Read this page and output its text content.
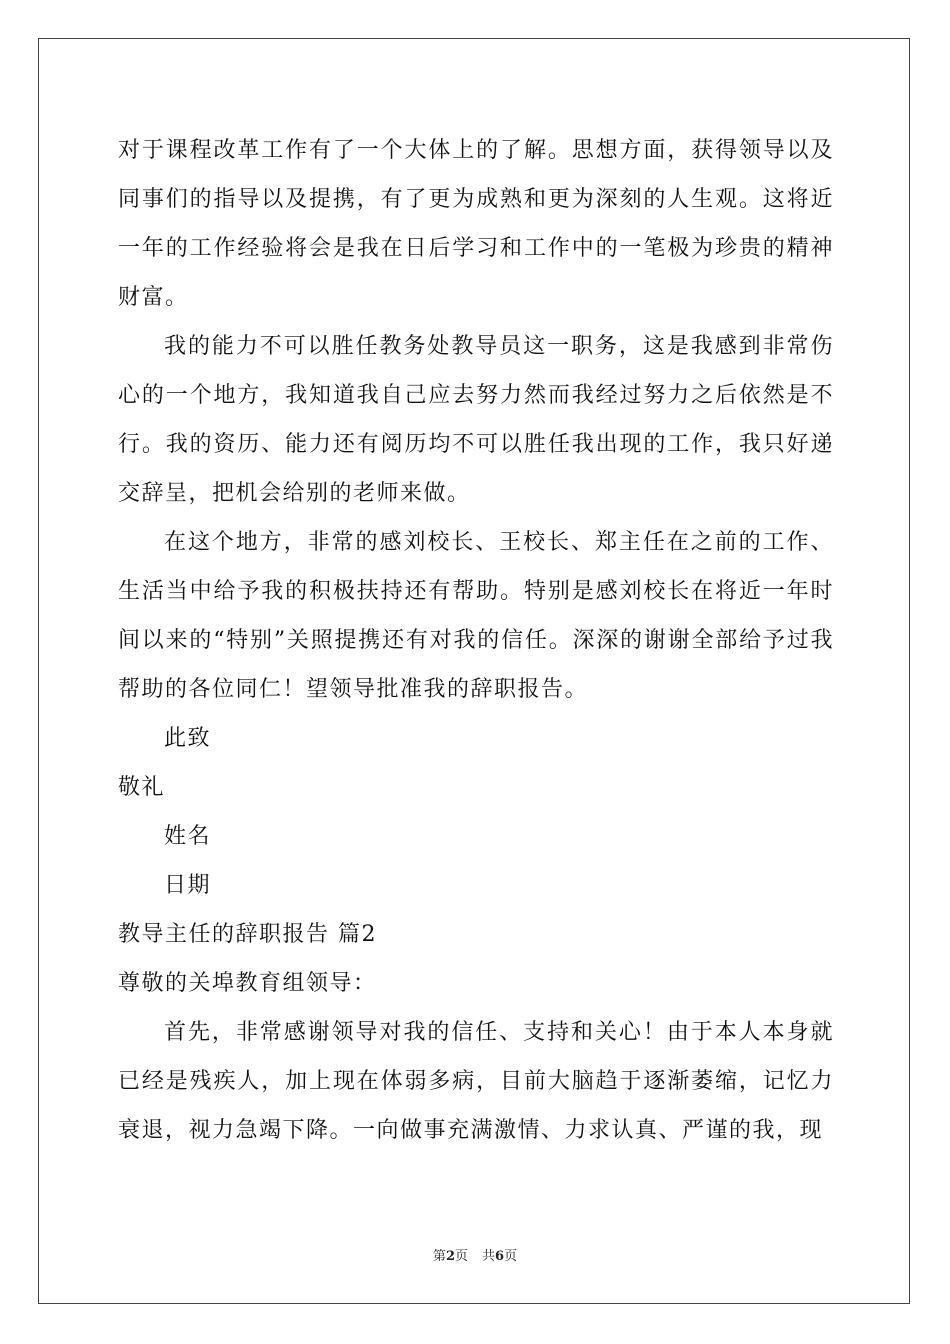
对于课程改革工作有了一个大体上的了解。思想方面，获得领导以及同事们的指导以及提携，有了更为成熟和更为深刻的人生观。这将近一年的工作经验将会是我在日后学习和工作中的一笔极为珍贵的精神财富。

我的能力不可以胜任教务处教导员这一职务，这是我感到非常伤心的一个地方，我知道我自己应去努力然而我经过努力之后依然是不行。我的资历、能力还有阅历均不可以胜任我出现的工作，我只好递交辞呈，把机会给别的老师来做。

在这个地方，非常的感刘校长、王校长、郑主任在之前的工作、生活当中给予我的积极扶持还有帮助。特别是感刘校长在将近一年时间以来的“特别”关照提携还有对我的信任。深深的谢谢全部给予过我帮助的各位同仁！望领导批准我的辞职报告。

此致

敬礼

姓名

日期

教导主任的辞职报告 篇2

尊敬的关埠教育组领导：

首先，非常感谢领导对我的信任、支持和关心！由于本人本身就已经是残疾人，加上现在体弱多病，目前大脑趋于逐渐萎缩，记忆力衰退，视力急竭下降。一向做事充满激情、力求认真、严谨的我，现

第2页 共6页
